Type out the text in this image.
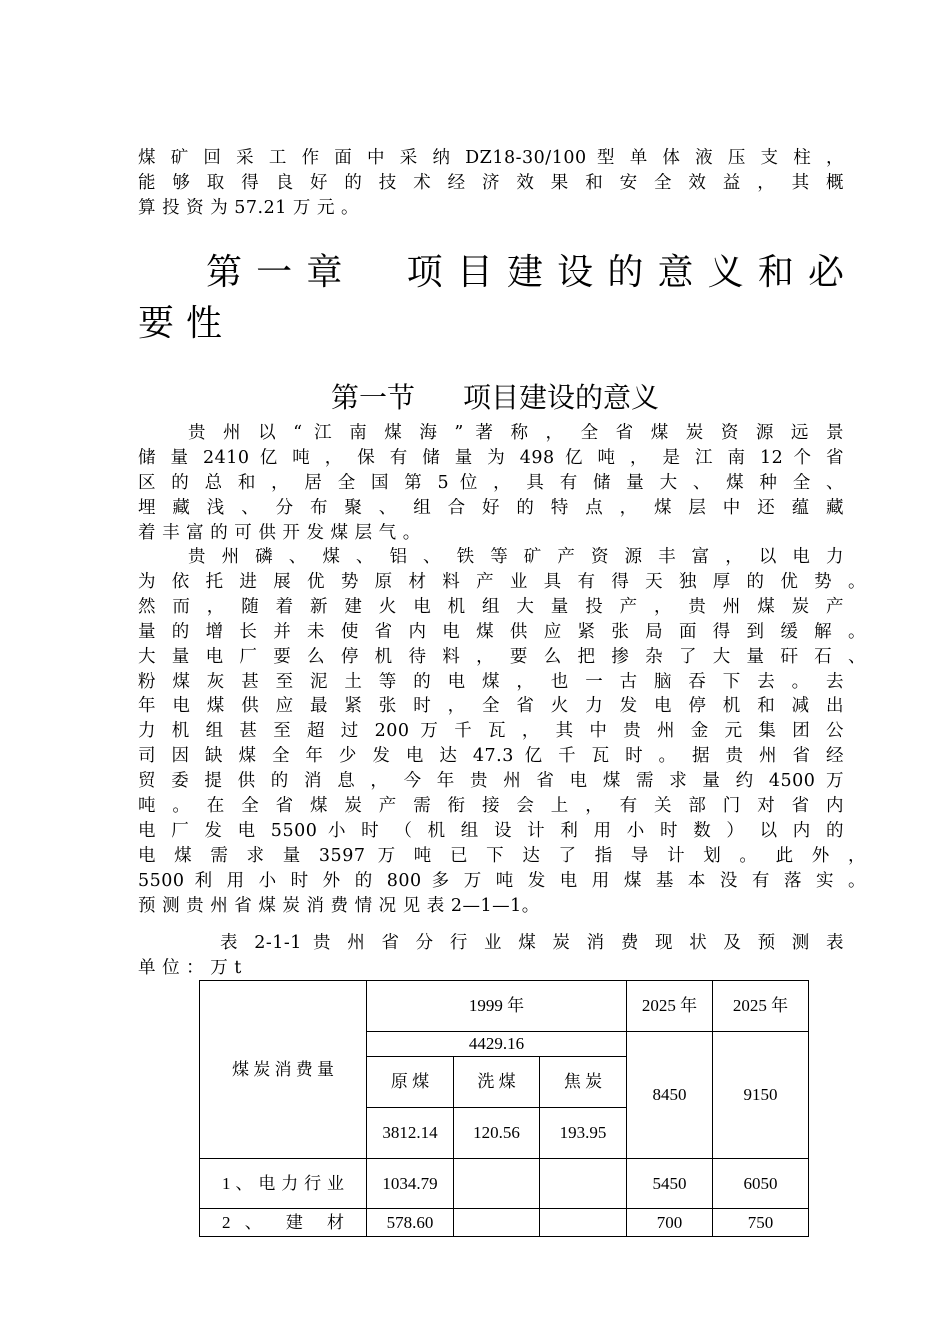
煤 矿 回 采 工 作 面 中 采 纳 DZ18-30/100 型 单 体 液 压 支 柱 ，
能 够 取 得 良 好 的 技 术 经 济 效 果 和 安 全 效 益 ， 其 概
算 投 资 为 57.21 万 元 。
第一章　项目建设的意义和必
要性
第一节 项目建设的意义
贵 州 以 “ 江 南 煤 海 ” 著 称 ， 全 省 煤 炭 资 源 远 景
储 量 2410 亿 吨 ， 保 有 储 量 为 498 亿 吨 ， 是 江 南 12 个 省
区 的 总 和 ， 居 全 国 第 5 位 ， 具 有 储 量 大 、 煤 种 全 、
埋 藏 浅 、 分 布 聚 、 组 合 好 的 特 点 ， 煤 层 中 还 蕴 藏
着 丰 富 的 可 供 开 发 煤 层 气 。
贵 州 磷 、 煤 、 铝 、 铁 等 矿 产 资 源 丰 富 ， 以 电 力
为 依 托 进 展 优 势 原 材 料 产 业 具 有 得 天 独 厚 的 优 势 。
然 而 ， 随 着 新 建 火 电 机 组 大 量 投 产 ， 贵 州 煤 炭 产
量 的 增 长 并 未 使 省 内 电 煤 供 应 紧 张 局 面 得 到 缓 解 。
大 量 电 厂 要 么 停 机 待 料 ， 要 么 把 掺 杂 了 大 量 矸 石 、
粉 煤 灰 甚 至 泥 土 等 的 电 煤 ， 也 一 古 脑 吞 下 去 。 去
年 电 煤 供 应 最 紧 张 时 ， 全 省 火 力 发 电 停 机 和 减 出
力 机 组 甚 至 超 过 200 万 千 瓦 ， 其 中 贵 州 金 元 集 团 公
司 因 缺 煤 全 年 少 发 电 达 47.3 亿 千 瓦 时 。 据 贵 州 省 经
贸 委 提 供 的 消 息 ， 今 年 贵 州 省 电 煤 需 求 量 约 4500 万
吨 。 在 全 省 煤 炭 产 需 衔 接 会 上 ， 有 关 部 门 对 省 内
电 厂 发 电 5500 小 时 （ 机 组 设 计 利 用 小 时 数 ） 以 内 的
电 煤 需 求 量 3597 万 吨 已 下 达 了 指 导 计 划 。 此 外 ，
5500 利 用 小 时 外 的 800 多 万 吨 发 电 用 煤 基 本 没 有 落 实 。
预 测 贵 州 省 煤 炭 消 费 情 况 见 表 2—1—1。
表 2-1-1 贵 州 省 分 行 业 煤 炭 消 费 现 状 及 预 测 表
单 位 ： 万 t
煤 炭 消 费 量	1999 年			2025 年	2025 年
	4429.16			8450	9150
	原 煤	洗 煤	焦 炭		
	3812.14	120.56	193.95		
1 、 电 力 行 业	1034.79			5450	6050
2 、 建 材	578.60			700	750
